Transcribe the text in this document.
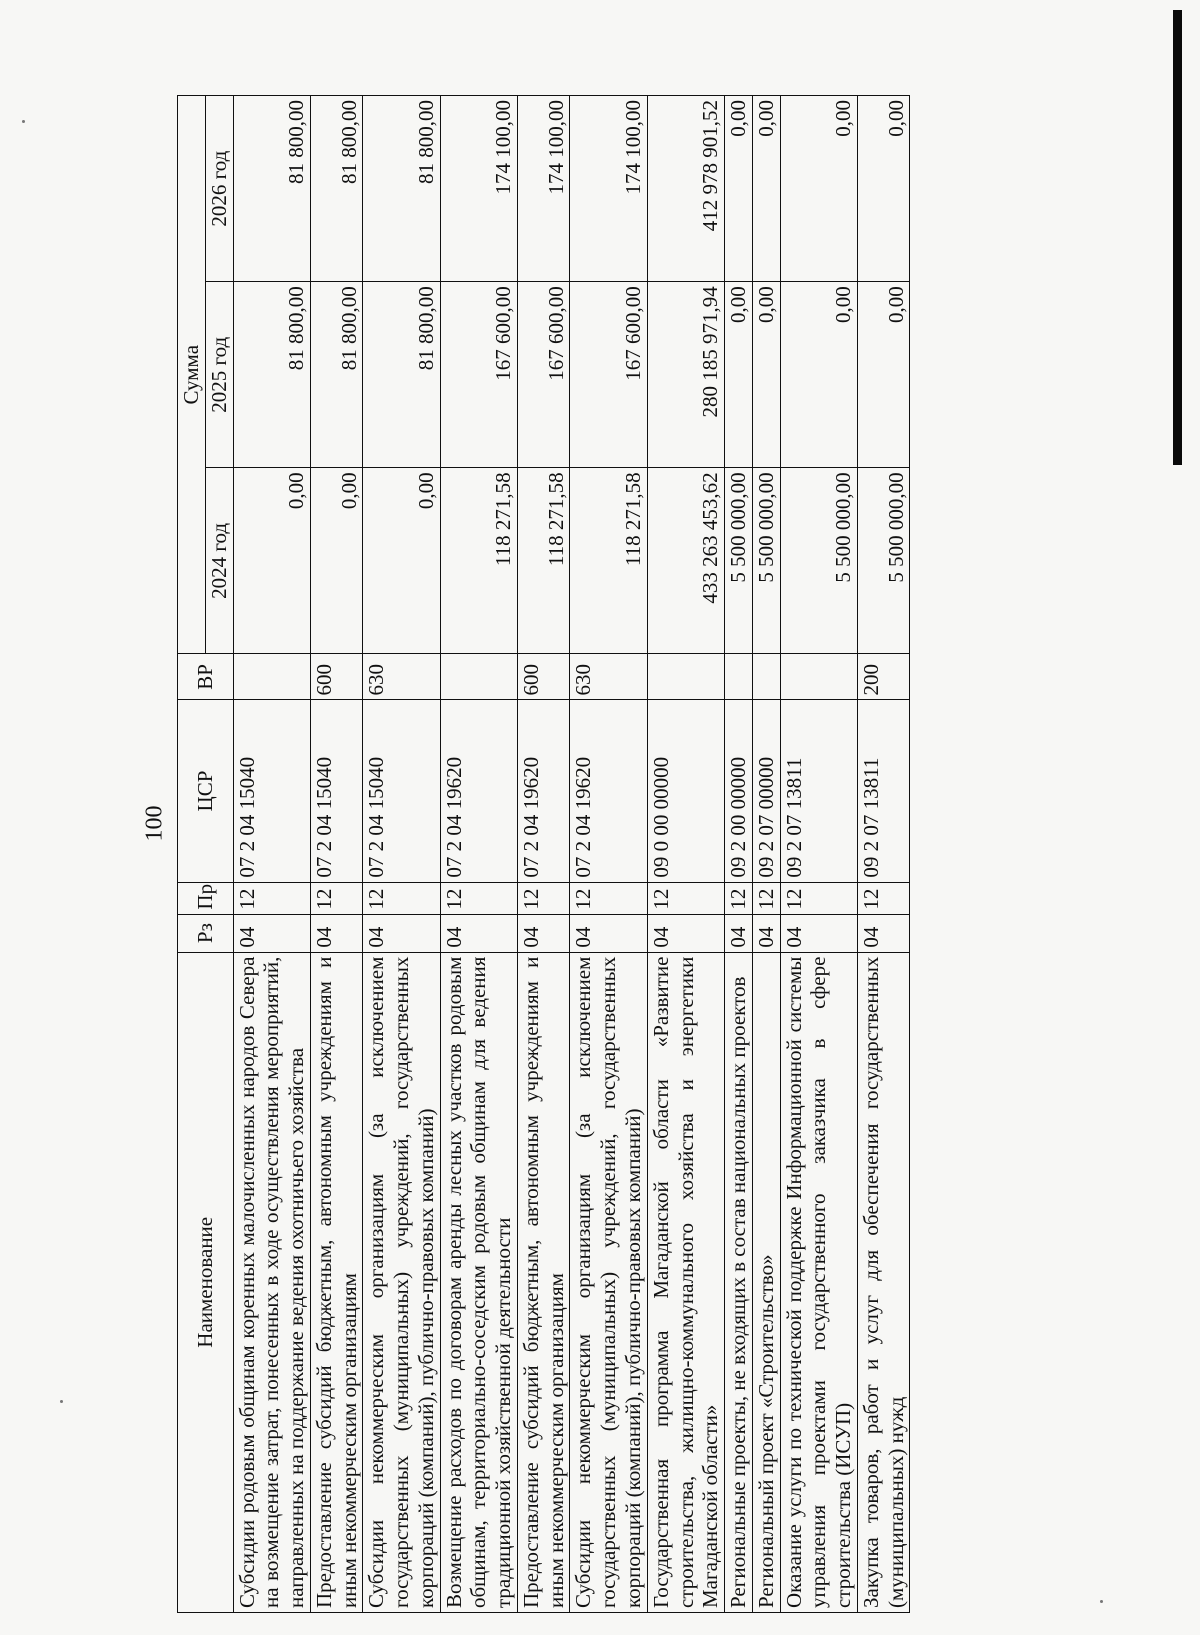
100
Наименование	Рз	Пр	ЦСР	ВР	Сумма		
					2024 год	2025 год	2026 год
Субсидии родовым общинам коренных малочисленных народов Севера на возмещение затрат, понесенных в ходе осуществления мероприятий, направленных на поддержание ведения охотничьего хозяйства	04	12	07 2 04 15040		0,00	81 800,00	81 800,00
Предоставление субсидий бюджетным, автономным учреждениям и иным некоммерческим организациям	04	12	07 2 04 15040	600	0,00	81 800,00	81 800,00
Субсидии некоммерческим организациям (за исключением государственных (муниципальных) учреждений, государственных корпораций (компаний), публично-правовых компаний)	04	12	07 2 04 15040	630	0,00	81 800,00	81 800,00
Возмещение расходов по договорам аренды лесных участков родовым общинам, территориально-соседским родовым общинам для ведения традиционной хозяйственной деятельности	04	12	07 2 04 19620		118 271,58	167 600,00	174 100,00
Предоставление субсидий бюджетным, автономным учреждениям и иным некоммерческим организациям	04	12	07 2 04 19620	600	118 271,58	167 600,00	174 100,00
Субсидии некоммерческим организациям (за исключением государственных (муниципальных) учреждений, государственных корпораций (компаний), публично-правовых компаний)	04	12	07 2 04 19620	630	118 271,58	167 600,00	174 100,00
Государственная программа Магаданской области «Развитие строительства, жилищно-коммунального хозяйства и энергетики Магаданской области»	04	12	09 0 00 00000		433 263 453,62	280 185 971,94	412 978 901,52
Региональные проекты, не входящих в состав национальных проектов	04	12	09 2 00 00000		5 500 000,00	0,00	0,00
Региональный проект «Строительство»	04	12	09 2 07 00000		5 500 000,00	0,00	0,00
Оказание услуги по технической поддержке Информационной системы управления проектами государственного заказчика в сфере строительства (ИСУП)	04	12	09 2 07 13811		5 500 000,00	0,00	0,00
Закупка товаров, работ и услуг для обеспечения государственных (муниципальных) нужд	04	12	09 2 07 13811	200	5 500 000,00	0,00	0,00
